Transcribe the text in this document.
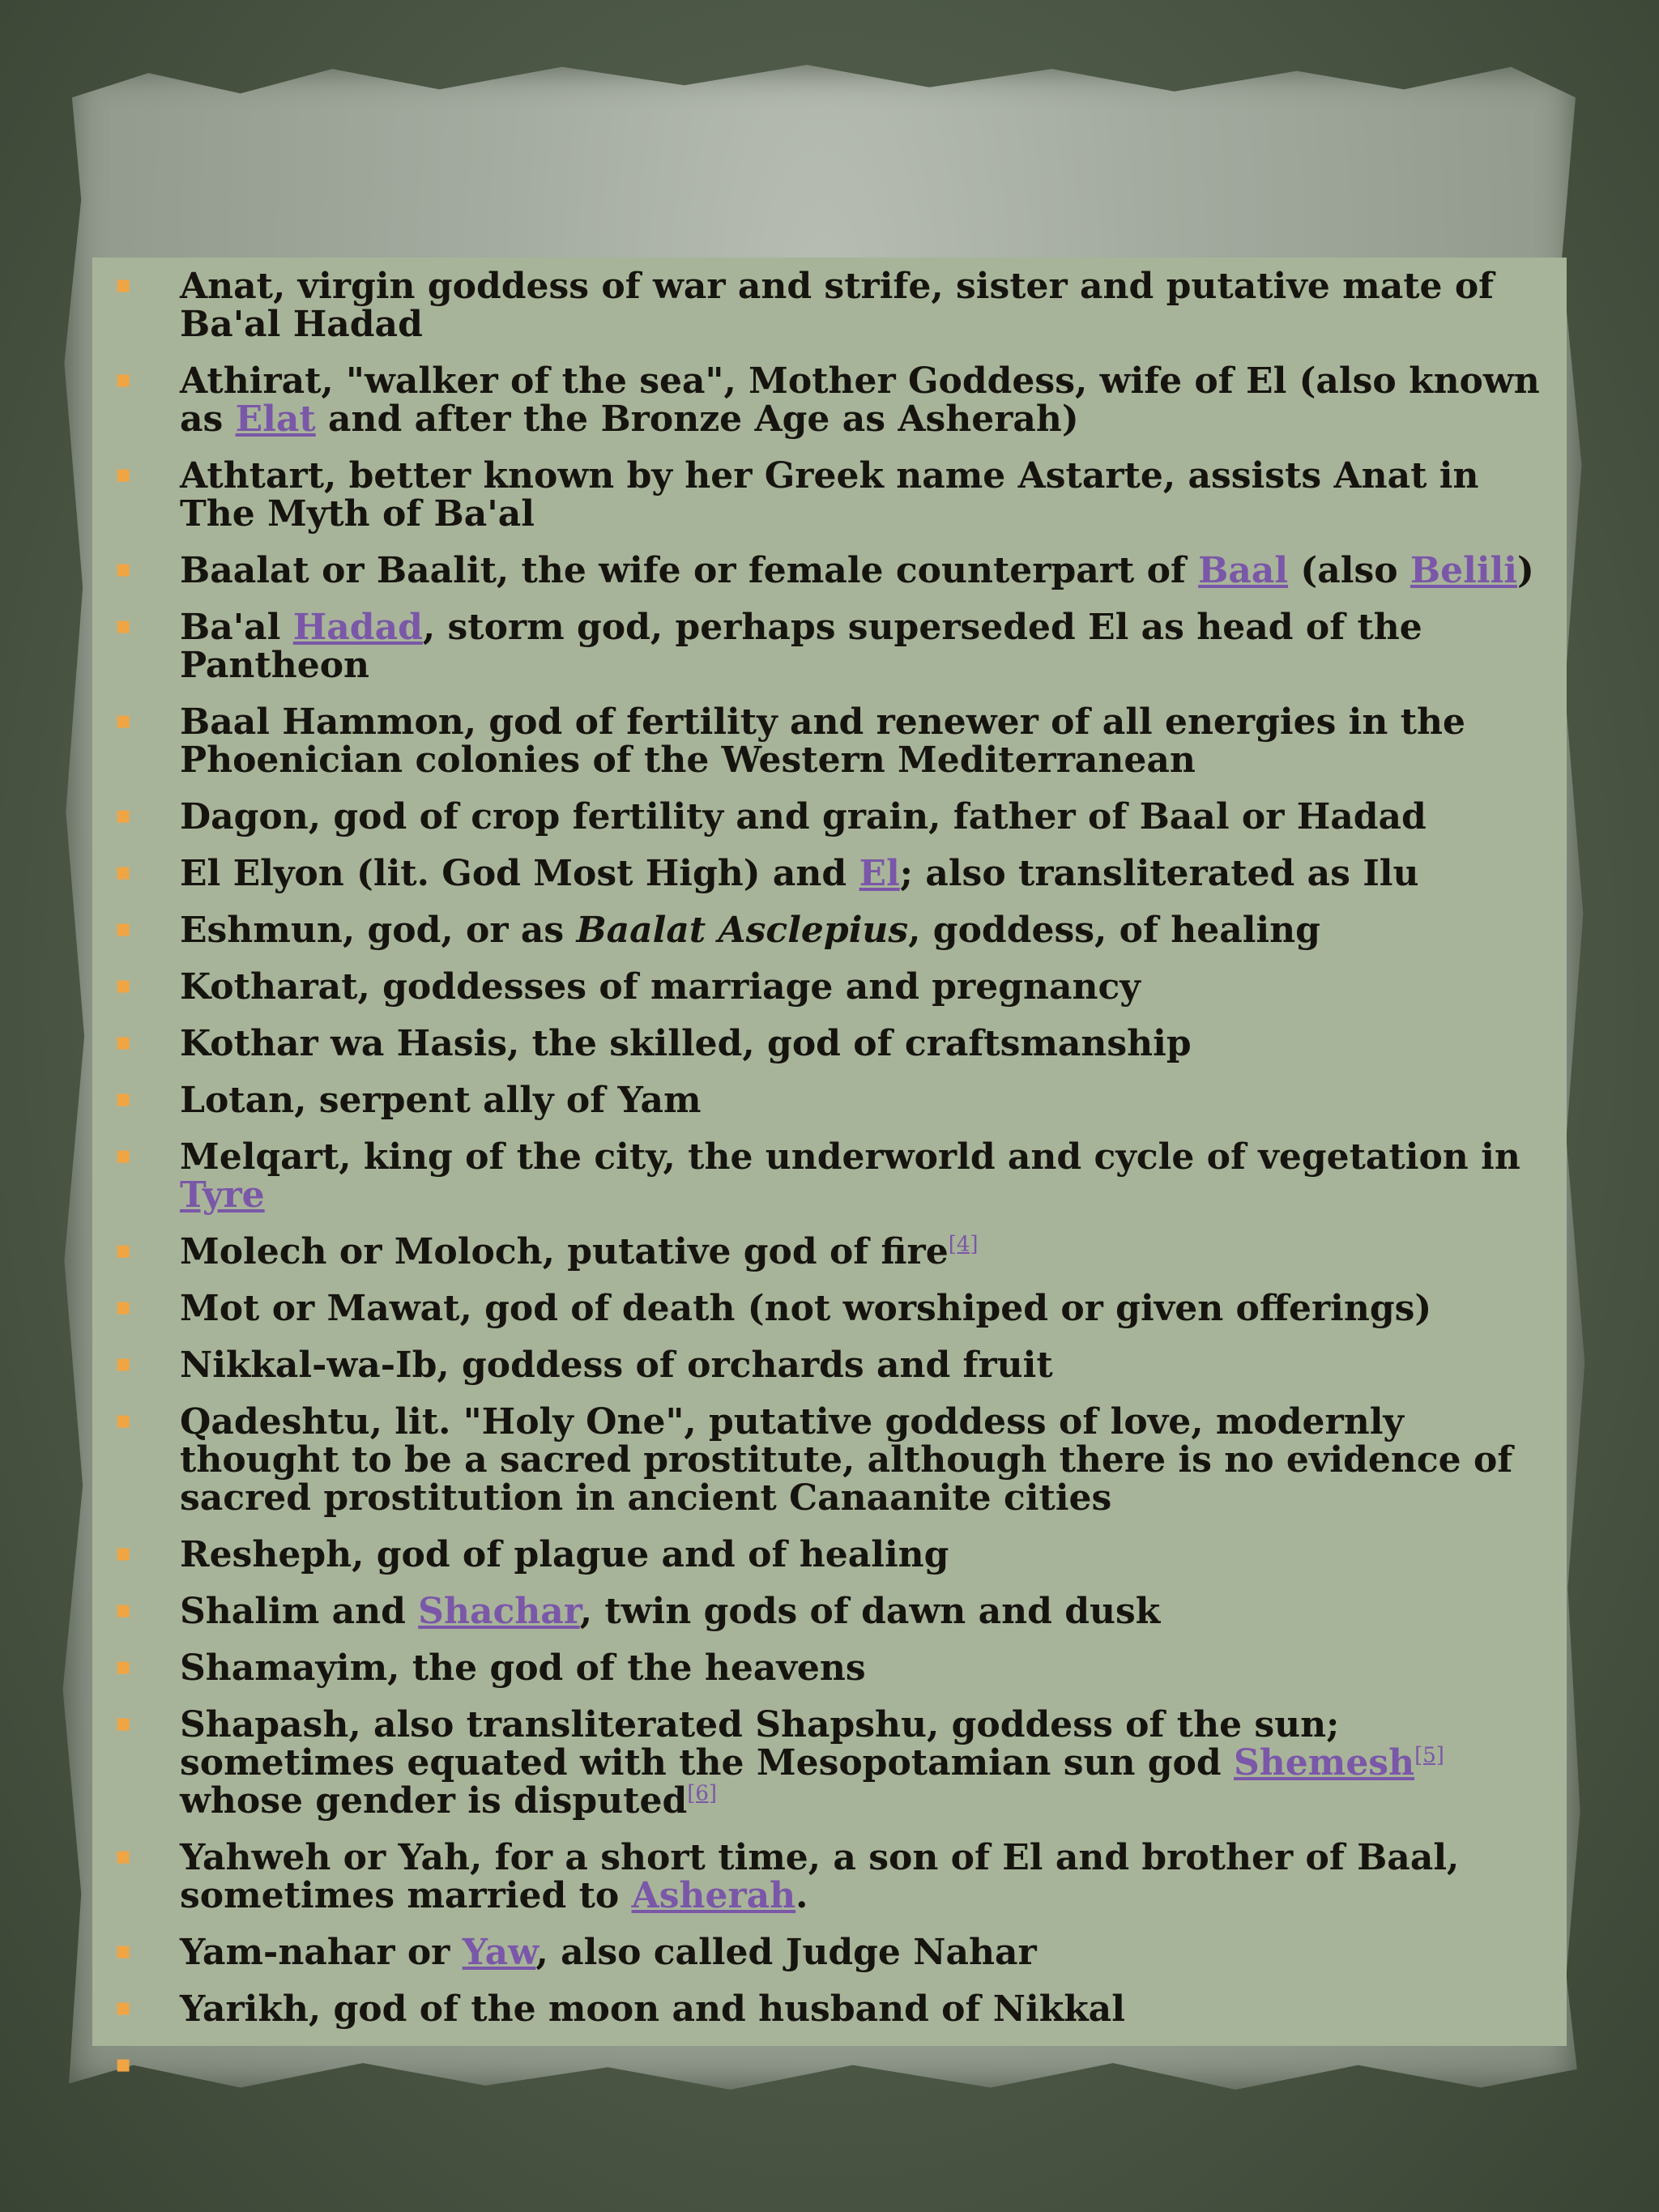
▪ Anat, virgin goddess of war and strife, sister and putative mate of Ba'al Hadad
▪ Athirat, "walker of the sea", Mother Goddess, wife of El (also known as Elat and after the Bronze Age as Asherah)
▪ Athtart, better known by her Greek name Astarte, assists Anat in The Myth of Ba'al
▪ Baalat or Baalit, the wife or female counterpart of Baal (also Belili)
▪ Ba'al Hadad, storm god, perhaps superseded El as head of the Pantheon
▪ Baal Hammon, god of fertility and renewer of all energies in the Phoenician colonies of the Western Mediterranean
▪ Dagon, god of crop fertility and grain, father of Baal or Hadad
▪ El Elyon (lit. God Most High) and El; also transliterated as Ilu
▪ Eshmun, god, or as Baalat Asclepius, goddess, of healing
▪ Kotharat, goddesses of marriage and pregnancy
▪ Kothar wa Hasis, the skilled, god of craftsmanship
▪ Lotan, serpent ally of Yam
▪ Melqart, king of the city, the underworld and cycle of vegetation in Tyre
▪ Molech or Moloch, putative god of fire[4]
▪ Mot or Mawat, god of death (not worshiped or given offerings)
▪ Nikkal-wa-Ib, goddess of orchards and fruit
▪ Qadeshtu, lit. "Holy One", putative goddess of love, modernly thought to be a sacred prostitute, although there is no evidence of sacred prostitution in ancient Canaanite cities
▪ Resheph, god of plague and of healing
▪ Shalim and Shachar, twin gods of dawn and dusk
▪ Shamayim, the god of the heavens
▪ Shapash, also transliterated Shapshu, goddess of the sun; sometimes equated with the Mesopotamian sun god Shemesh[5] whose gender is disputed[6]
▪ Yahweh or Yah, for a short time, a son of El and brother of Baal, sometimes married to Asherah.
▪ Yam-nahar or Yaw, also called Judge Nahar
▪ Yarikh, god of the moon and husband of Nikkal
▪
